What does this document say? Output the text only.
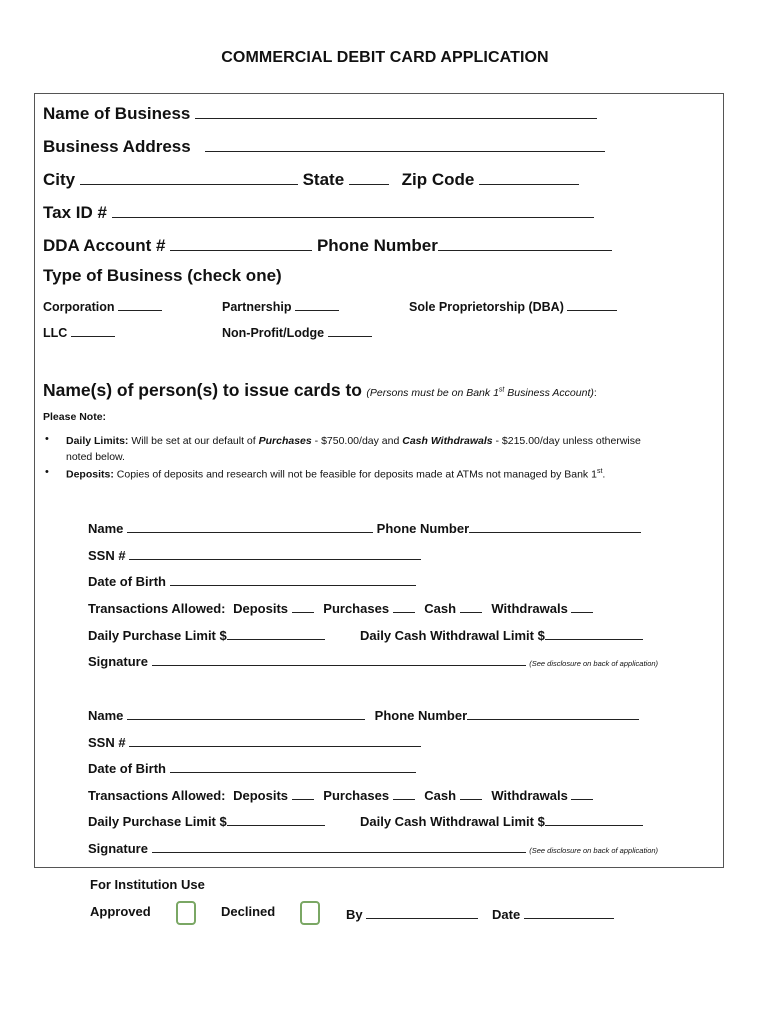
COMMERCIAL DEBIT CARD APPLICATION
Name of Business
Business Address
City	State	Zip Code
Tax ID #
DDA Account #	Phone Number
Type of Business (check one)
Corporation	Partnership	Sole Proprietorship (DBA)
LLC	Non-Profit/Lodge
Name(s) of person(s) to issue cards to (Persons must be on Bank 1st Business Account):
Please Note:
• Daily Limits: Will be set at our default of Purchases - $750.00/day and Cash Withdrawals - $215.00/day unless otherwise
noted below.
• Deposits: Copies of deposits and research will not be feasible for deposits made at ATMs not managed by Bank 1st.
Name	Phone Number
SSN #
Date of Birth
Transactions Allowed: Deposits	Purchases	Cash	Withdrawals
Daily Purchase Limit $	Daily Cash Withdrawal Limit $
Signature	(See disclosure on back of application)
Name	Phone Number
SSN #
Date of Birth
Transactions Allowed: Deposits	Purchases	Cash	Withdrawals
Daily Purchase Limit $	Daily Cash Withdrawal Limit $
Signature	(See disclosure on back of application)
For Institution Use
Approved	Declined	By	Date
